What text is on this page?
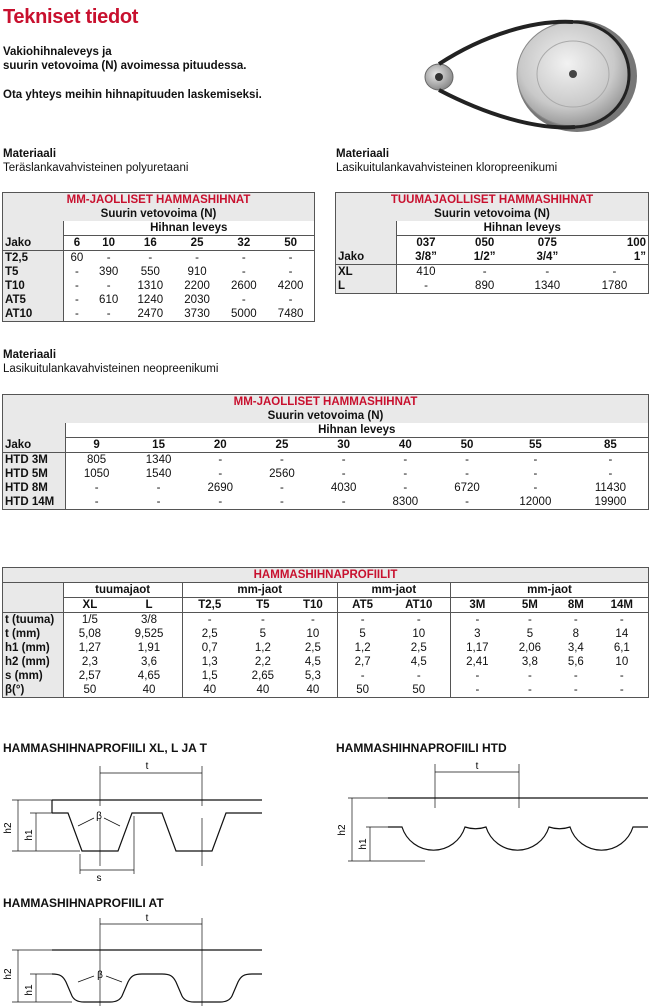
Tekniset tiedot
Vakiohihnaleveys ja
suurin vetovoima (N) avoimessa pituudessa.
Ota yhteys meihin hihnapituuden laskemiseksi.
Materiaali
Teräslankavahvisteinen polyuretaani
Materiaali
Lasikuitulankavahvisteinen kloropreenikumi
MM-JAOLLISET HAMMASHIHNAT						
Suurin vetovoima (N)						
	Hihnan leveys					
Jako	6	10	16	25	32	50
T2,5	60	-	-	-	-	-
T5	-	390	550	910	-	-
T10	-	-	1310	2200	2600	4200
AT5	-	610	1240	2030	-	-
AT10	-	-	2470	3730	5000	7480
TUUMAJAOLLISET HAMMASHIHNAT				
Suurin vetovoima (N)				
	Hihnan leveys			
	037	050	075	100
Jako	3/8”	1/2”	3/4”	1”
XL	410	-	-	-
L	-	890	1340	1780
Materiaali
Lasikuitulankavahvisteinen neopreenikumi
MM-JAOLLISET HAMMASHIHNAT									
Suurin vetovoima (N)									
	Hihnan leveys								
Jako	9	15	20	25	30	40	50	55	85
HTD 3M	805	1340	-	-	-	-	-	-	-
HTD 5M	1050	1540	-	2560	-	-	-	-	-
HTD 8M	-	-	2690	-	4030	-	6720	-	11430
HTD 14M	-	-	-	-	-	8300	-	12000	19900
HAMMASHIHNAPROFIILIT											
	tuumajaot		mm-jaot			mm-jaot		mm-jaot			
	XL	L	T2,5	T5	T10	AT5	AT10	3M	5M	8M	14M
t (tuuma)	1/5	3/8	-	-	-	-	-	-	-	-	-
t (mm)	5,08	9,525	2,5	5	10	5	10	3	5	8	14
h1 (mm)	1,27	1,91	0,7	1,2	2,5	1,2	2,5	1,17	2,06	3,4	6,1
h2 (mm)	2,3	3,6	1,3	2,2	4,5	2,7	4,5	2,41	3,8	5,6	10
s (mm)	2,57	4,65	1,5	2,65	5,3	-	-	-	-	-	-
β(°)	50	40	40	40	40	50	50	-	-	-	-
HAMMASHIHNAPROFIILI XL, L JA T	HAMMASHIHNAPROFIILI HTD
HAMMASHIHNAPROFIILI AT
t
h2
h1
β
s
t
h2
h1
t
h2
h1
β
